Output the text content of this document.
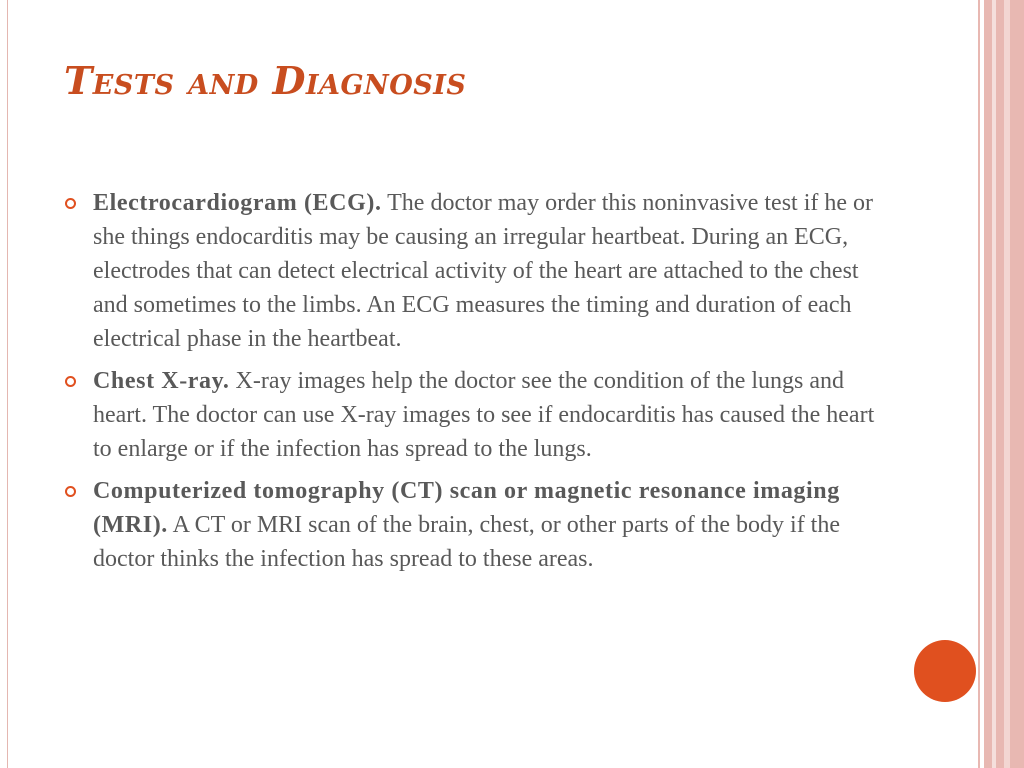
Tests and Diagnosis
Electrocardiogram (ECG). The doctor may order this noninvasive test if he or she things endocarditis may be causing an irregular heartbeat. During an ECG, electrodes that can detect electrical activity of the heart are attached to the chest and sometimes to the limbs. An ECG measures the timing and duration of each electrical phase in the heartbeat.
Chest X-ray. X-ray images help the doctor see the condition of the lungs and heart. The doctor can use X-ray images to see if endocarditis has caused the heart to enlarge or if the infection has spread to the lungs.
Computerized tomography (CT) scan or magnetic resonance imaging (MRI). A CT or MRI scan of the brain, chest, or other parts of the body if the doctor thinks the infection has spread to these areas.
